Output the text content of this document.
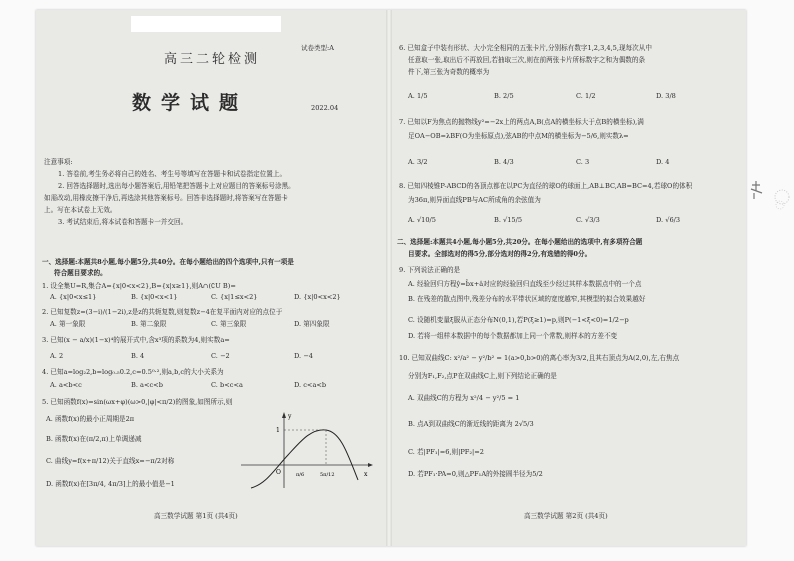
试卷类型:A
高三二轮检测
数学试题	2022.04
注意事项:
1. 答卷前,考生务必将自己的姓名、考生号等填写在答题卡和试卷指定位置上。
2. 回答选择题时,选出每小题答案后,用铅笔把答题卡上对应题目的答案标号涂黑。
如需改动,用橡皮擦干净后,再选涂其他答案标号。回答非选择题时,将答案写在答题卡
上。写在本试卷上无效。
3. 考试结束后,将本试卷和答题卡一并交回。
一、选择题:本题共8小题,每小题5分,共40分。在每小题给出的四个选项中,只有一项是
符合题目要求的。
1. 设全集U=R,集合A={x|0<x<2},B={x|x≥1},则A∩(∁U B)=
A. {x|0<x≤1}	B. {x|0<x<1}	C. {x|1≤x<2}	D. {x|0<x<2}
2. 已知复数z=(3−i)/(1−2i),z是z的共轭复数,则复数z−4在复平面内对应的点位于
A. 第一象限	B. 第二象限	C. 第三象限	D. 第四象限
3. 已知(x − a/x)(1−x)⁴的展开式中,含x³项的系数为4,则实数a=
A. 2	B. 4	C. −2	D. −4
4. 已知a=log₂2,b=log₀.₅0.2,c=0.5⁰·²,则a,b,c的大小关系为
A. a<b<c	B. a<c<b	C. b<c<a	D. c<a<b
5. 已知函数f(x)=sin(ωx+φ)(ω>0,|φ|<π/2)的图象,如图所示,则
A. 函数f(x)的最小正周期是2π
B. 函数f(x)在(π/2,π)上单调递减
C. 曲线y=f(x+π/12)关于直线x=−π/2对称
D. 函数f(x)在[3π/4, 4π/3]上的最小值是−1
1
y
x
O	π/6	5π/12
高三数学试题 第1页 (共4页)
6. 已知盒子中装有形状、大小完全相同的五张卡片,分别标有数字1,2,3,4,5,现每次从中
任意取一张,取出后不再放回,若抽取三次,则在前两张卡片所标数字之和为偶数的条
件下,第三张为奇数的概率为
A. 1/5	B. 2/5	C. 1/2	D. 3/8
7. 已知以F为焦点的抛物线y²=−2x上的两点A,B(点A的横坐标大于点B的横坐标),满
足OA−OB=λBF(O为坐标原点),弦AB的中点M的横坐标为−5/6,则实数λ=
A. 3/2	B. 4/3	C. 3	D. 4
8. 已知四棱锥P-ABCD的各顶点都在以PC为直径的球O的球面上,AB⊥BC,AB=BC=4,若球O的体积
为36π,则异面直线PB与AC所成角的余弦值为
A. √10/5	B. √15/5	C. √3/3	D. √6/3
二、选择题:本题共4小题,每小题5分,共20分。在每小题给出的选项中,有多项符合题
目要求。全部选对的得5分,部分选对的得2分,有选错的得0分。
9. 下列说法正确的是
A. 经验回归方程ŷ=b̂x+â对应的经验回归直线至少经过其样本数据点中的一个点
B. 在残差的散点图中,残差分布的水平带状区域的宽度越窄,其模型的拟合效果越好
C. 设随机变量ξ服从正态分布N(0,1),若P(ξ≥1)=p,则P(−1<ξ<0)=1/2−p
D. 若将一组样本数据中的每个数据都加上同一个常数,则样本的方差不变
10. 已知双曲线C: x²/a² − y²/b² = 1(a>0,b>0)的离心率为3/2,且其右顶点为A(2,0),左,右焦点
分别为F₁,F₂,点P在双曲线C上,则下列结论正确的是
A. 双曲线C的方程为 x²/4 − y²/5 = 1
B. 点A到双曲线C的渐近线的距离为 2√5/3
C. 若|PF₁|=6,则|PF₂|=2
D. 若PF₁·PA=0,则△PF₁A的外接圆半径为5/2
高三数学试题 第2页 (共4页)
